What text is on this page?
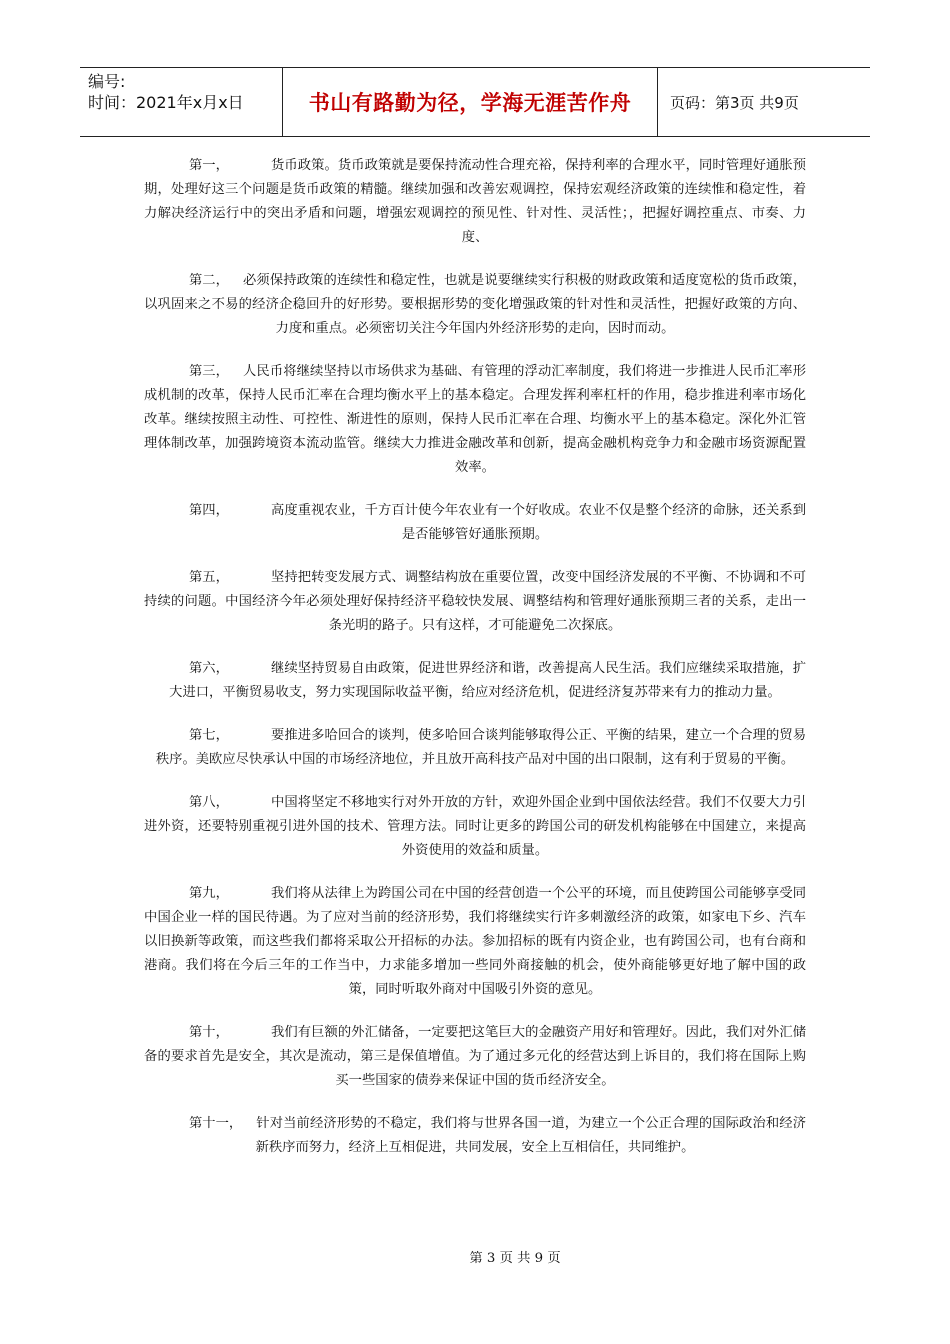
编号:
时间：2021年x月x日	书山有路勤为径，学海无涯苦作舟	页码：第3页 共9页

第一，	货币政策。货币政策就是要保持流动性合理充裕，保持利率的合理水平，同时管理好通胀预期，处理好这三个问题是货币政策的精髓。继续加强和改善宏观调控，保持宏观经济政策的连续惟和稳定性，着力解决经济运行中的突出矛盾和问题，增强宏观调控的预见性、针对性、灵活性；，把握好调控重点、市奏、力度、

第二， 必须保持政策的连续性和稳定性，也就是说要继续实行积极的财政政策和适度宽松的货币政策，以巩固来之不易的经济企稳回升的好形势。要根据形势的变化增强政策的针对性和灵活性，把握好政策的方向、力度和重点。必须密切关注今年国内外经济形势的走向，因时而动。

第三， 人民币将继续坚持以市场供求为基础、有管理的浮动汇率制度，我们将进一步推进人民币汇率形成机制的改革，保持人民币汇率在合理均衡水平上的基本稳定。合理发挥利率杠杆的作用，稳步推进利率市场化改革。继续按照主动性、可控性、渐进性的原则，保持人民币汇率在合理、均衡水平上的基本稳定。深化外汇管理体制改革，加强跨境资本流动监管。继续大力推进金融改革和创新，提高金融机构竞争力和金融市场资源配置效率。

第四，	高度重视农业，千方百计使今年农业有一个好收成。农业不仅是整个经济的命脉，还关系到是否能够管好通胀预期。

第五，	坚持把转变发展方式、调整结构放在重要位置，改变中国经济发展的不平衡、不协调和不可持续的问题。中国经济今年必须处理好保持经济平稳较快发展、调整结构和管理好通胀预期三者的关系，走出一条光明的路子。只有这样，才可能避免二次探底。

第六，	继续坚持贸易自由政策，促进世界经济和谐，改善提高人民生活。我们应继续采取措施，扩大进口，平衡贸易收支，努力实现国际收益平衡，给应对经济危机，促进经济复苏带来有力的推动力量。

第七，	要推进多哈回合的谈判，使多哈回合谈判能够取得公正、平衡的结果，建立一个合理的贸易秩序。美欧应尽快承认中国的市场经济地位，并且放开高科技产品对中国的出口限制，这有利于贸易的平衡。

第八，	中国将坚定不移地实行对外开放的方针，欢迎外国企业到中国依法经营。我们不仅要大力引进外资，还要特别重视引进外国的技术、管理方法。同时让更多的跨国公司的研发机构能够在中国建立，来提高外资使用的效益和质量。

第九，	我们将从法律上为跨国公司在中国的经营创造一个公平的环境，而且使跨国公司能够享受同中国企业一样的国民待遇。为了应对当前的经济形势，我们将继续实行许多刺激经济的政策，如家电下乡、汽车以旧换新等政策，而这些我们都将采取公开招标的办法。参加招标的既有内资企业，也有跨国公司，也有台商和港商。我们将在今后三年的工作当中，力求能多增加一些同外商接触的机会，使外商能够更好地了解中国的政策，同时听取外商对中国吸引外资的意见。

第十，	我们有巨额的外汇储备，一定要把这笔巨大的金融资产用好和管理好。因此，我们对外汇储备的要求首先是安全，其次是流动，第三是保值增值。为了通过多元化的经营达到上诉目的，我们将在国际上购买一些国家的债券来保证中国的货币经济安全。

第十一， 针对当前经济形势的不稳定，我们将与世界各国一道，为建立一个公正合理的国际政治和经济新秩序而努力，经济上互相促进，共同发展，安全上互相信任，共同维护。

第 3 页 共 9 页
